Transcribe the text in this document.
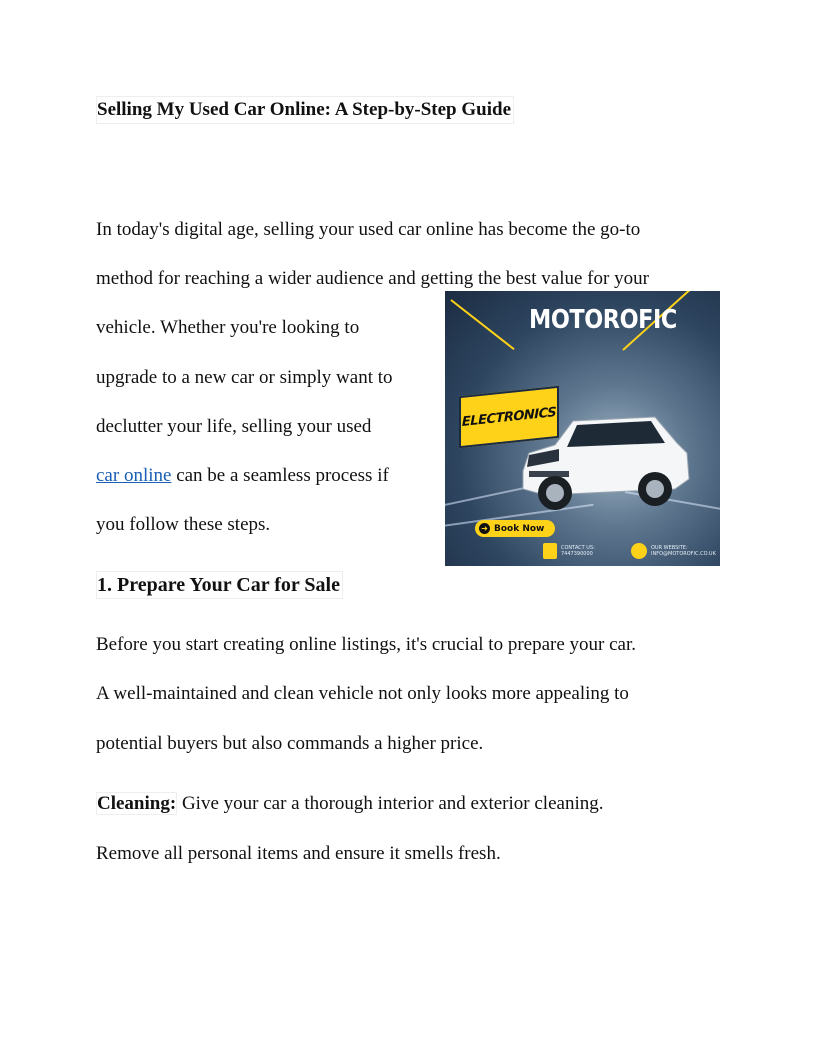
Selling My Used Car Online: A Step-by-Step Guide
In today's digital age, selling your used car online has become the go-to
method for reaching a wider audience and getting the best value for your
vehicle. Whether you're looking to
upgrade to a new car or simply want to
declutter your life, selling your used
car online can be a seamless process if
you follow these steps.
MOTOROFIC
ELECTRONICS
➜ Book Now
CONTACT US:
7447390000
OUR WEBSITE:
INFO@MOTOROFIC.CO.UK
1. Prepare Your Car for Sale
Before you start creating online listings, it's crucial to prepare your car.
A well-maintained and clean vehicle not only looks more appealing to
potential buyers but also commands a higher price.
Cleaning: Give your car a thorough interior and exterior cleaning.
Remove all personal items and ensure it smells fresh.
